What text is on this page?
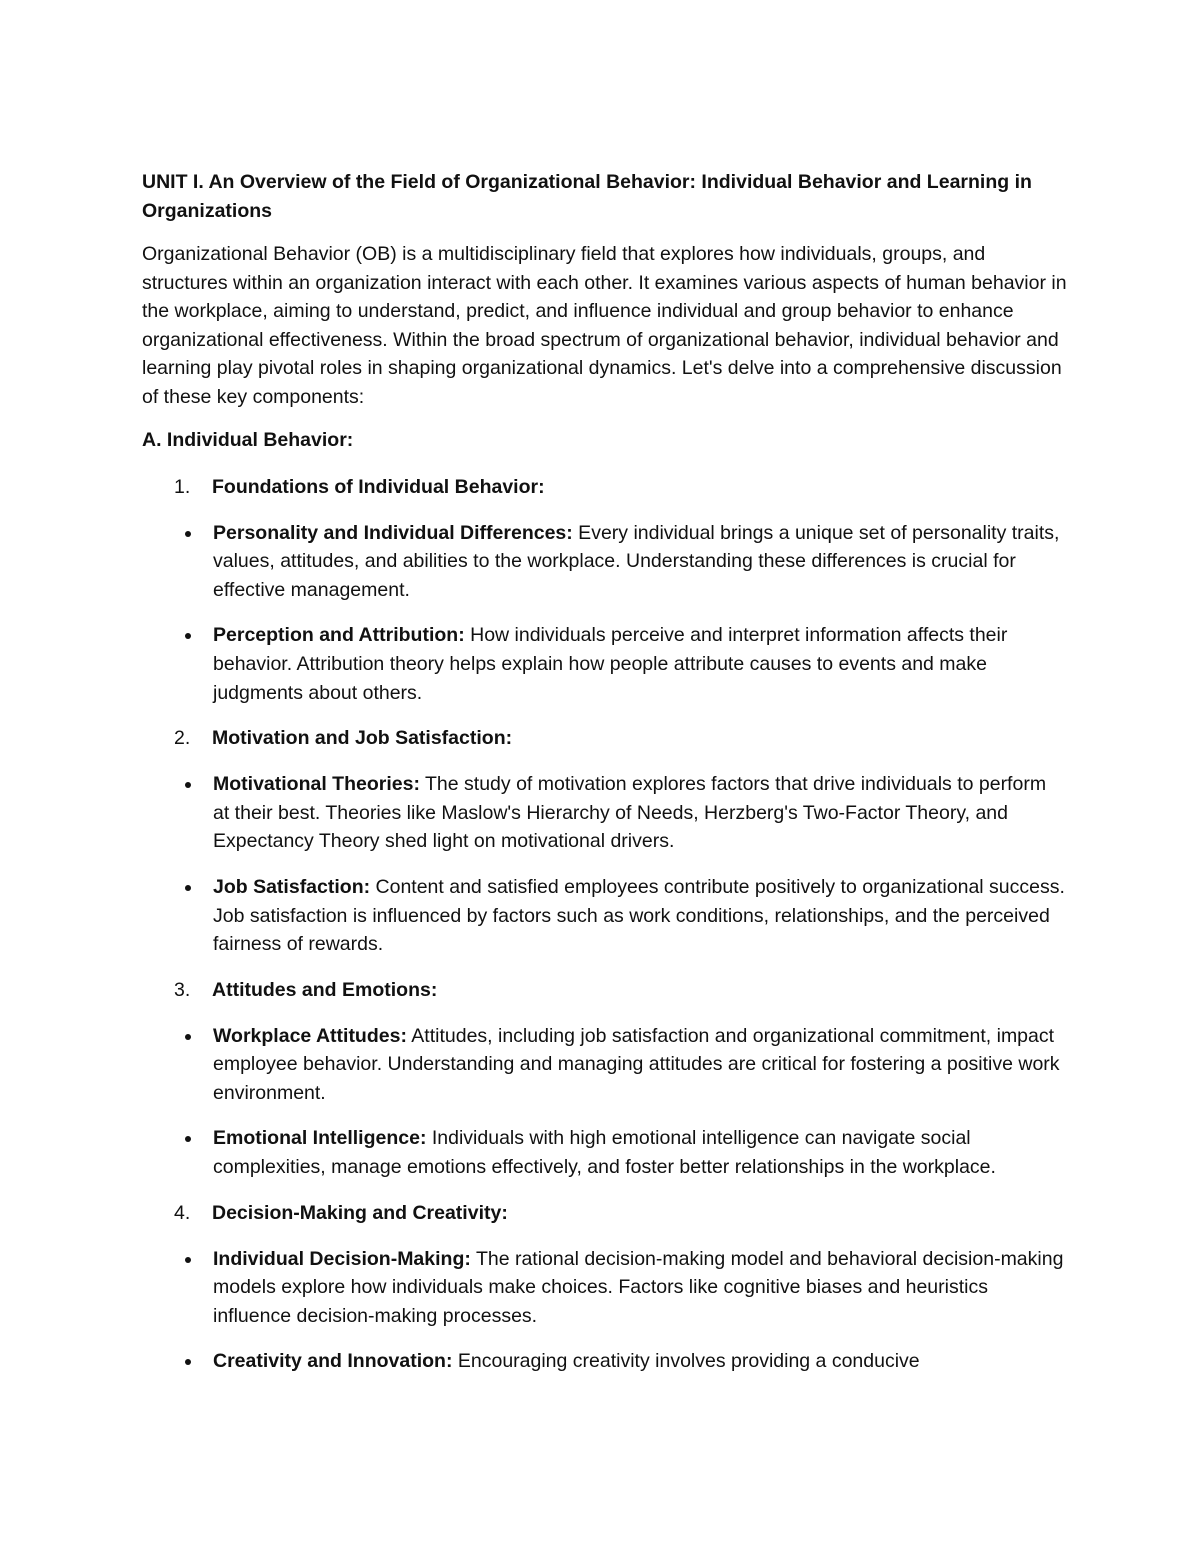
UNIT I. An Overview of the Field of Organizational Behavior: Individual Behavior and Learning in Organizations
Organizational Behavior (OB) is a multidisciplinary field that explores how individuals, groups, and structures within an organization interact with each other. It examines various aspects of human behavior in the workplace, aiming to understand, predict, and influence individual and group behavior to enhance organizational effectiveness. Within the broad spectrum of organizational behavior, individual behavior and learning play pivotal roles in shaping organizational dynamics. Let's delve into a comprehensive discussion of these key components:
A. Individual Behavior:
1. Foundations of Individual Behavior:
Personality and Individual Differences: Every individual brings a unique set of personality traits, values, attitudes, and abilities to the workplace. Understanding these differences is crucial for effective management.
Perception and Attribution: How individuals perceive and interpret information affects their behavior. Attribution theory helps explain how people attribute causes to events and make judgments about others.
2. Motivation and Job Satisfaction:
Motivational Theories: The study of motivation explores factors that drive individuals to perform at their best. Theories like Maslow's Hierarchy of Needs, Herzberg's Two-Factor Theory, and Expectancy Theory shed light on motivational drivers.
Job Satisfaction: Content and satisfied employees contribute positively to organizational success. Job satisfaction is influenced by factors such as work conditions, relationships, and the perceived fairness of rewards.
3. Attitudes and Emotions:
Workplace Attitudes: Attitudes, including job satisfaction and organizational commitment, impact employee behavior. Understanding and managing attitudes are critical for fostering a positive work environment.
Emotional Intelligence: Individuals with high emotional intelligence can navigate social complexities, manage emotions effectively, and foster better relationships in the workplace.
4. Decision-Making and Creativity:
Individual Decision-Making: The rational decision-making model and behavioral decision-making models explore how individuals make choices. Factors like cognitive biases and heuristics influence decision-making processes.
Creativity and Innovation: Encouraging creativity involves providing a conducive
